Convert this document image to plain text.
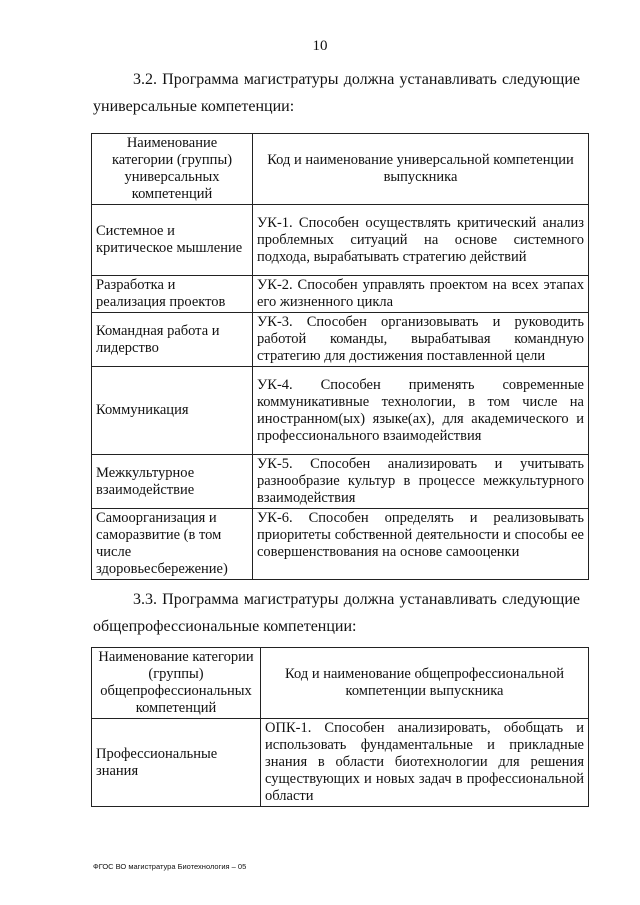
10
3.2. Программа магистратуры должна устанавливать следующие универсальные компетенции:
Наименование категории (группы) универсальных компетенций	Код и наименование универсальной компетенции выпускника
Системное и критическое мышление	УК-1. Способен осуществлять критический анализ проблемных ситуаций на основе системного подхода, вырабатывать стратегию действий
Разработка и реализация проектов	УК-2. Способен управлять проектом на всех этапах его жизненного цикла
Командная работа и лидерство	УК-3. Способен организовывать и руководить работой команды, вырабатывая командную стратегию для достижения поставленной цели
Коммуникация	УК-4. Способен применять современные коммуникативные технологии, в том числе на иностранном(ых) языке(ах), для академического и профессионального взаимодействия
Межкультурное взаимодействие	УК-5. Способен анализировать и учитывать разнообразие культур в процессе межкультурного взаимодействия
Самоорганизация и саморазвитие (в том числе здоровьесбережение)	УК-6. Способен определять и реализовывать приоритеты собственной деятельности и способы ее совершенствования на основе самооценки
3.3. Программа магистратуры должна устанавливать следующие общепрофессиональные компетенции:
Наименование категории (группы) общепрофессиональных компетенций	Код и наименование общепрофессиональной компетенции выпускника
Профессиональные знания	ОПК-1. Способен анализировать, обобщать и использовать фундаментальные и прикладные знания в области биотехнологии для решения существующих и новых задач в профессиональной области
ФГОС ВО магистратура Биотехнология – 05
